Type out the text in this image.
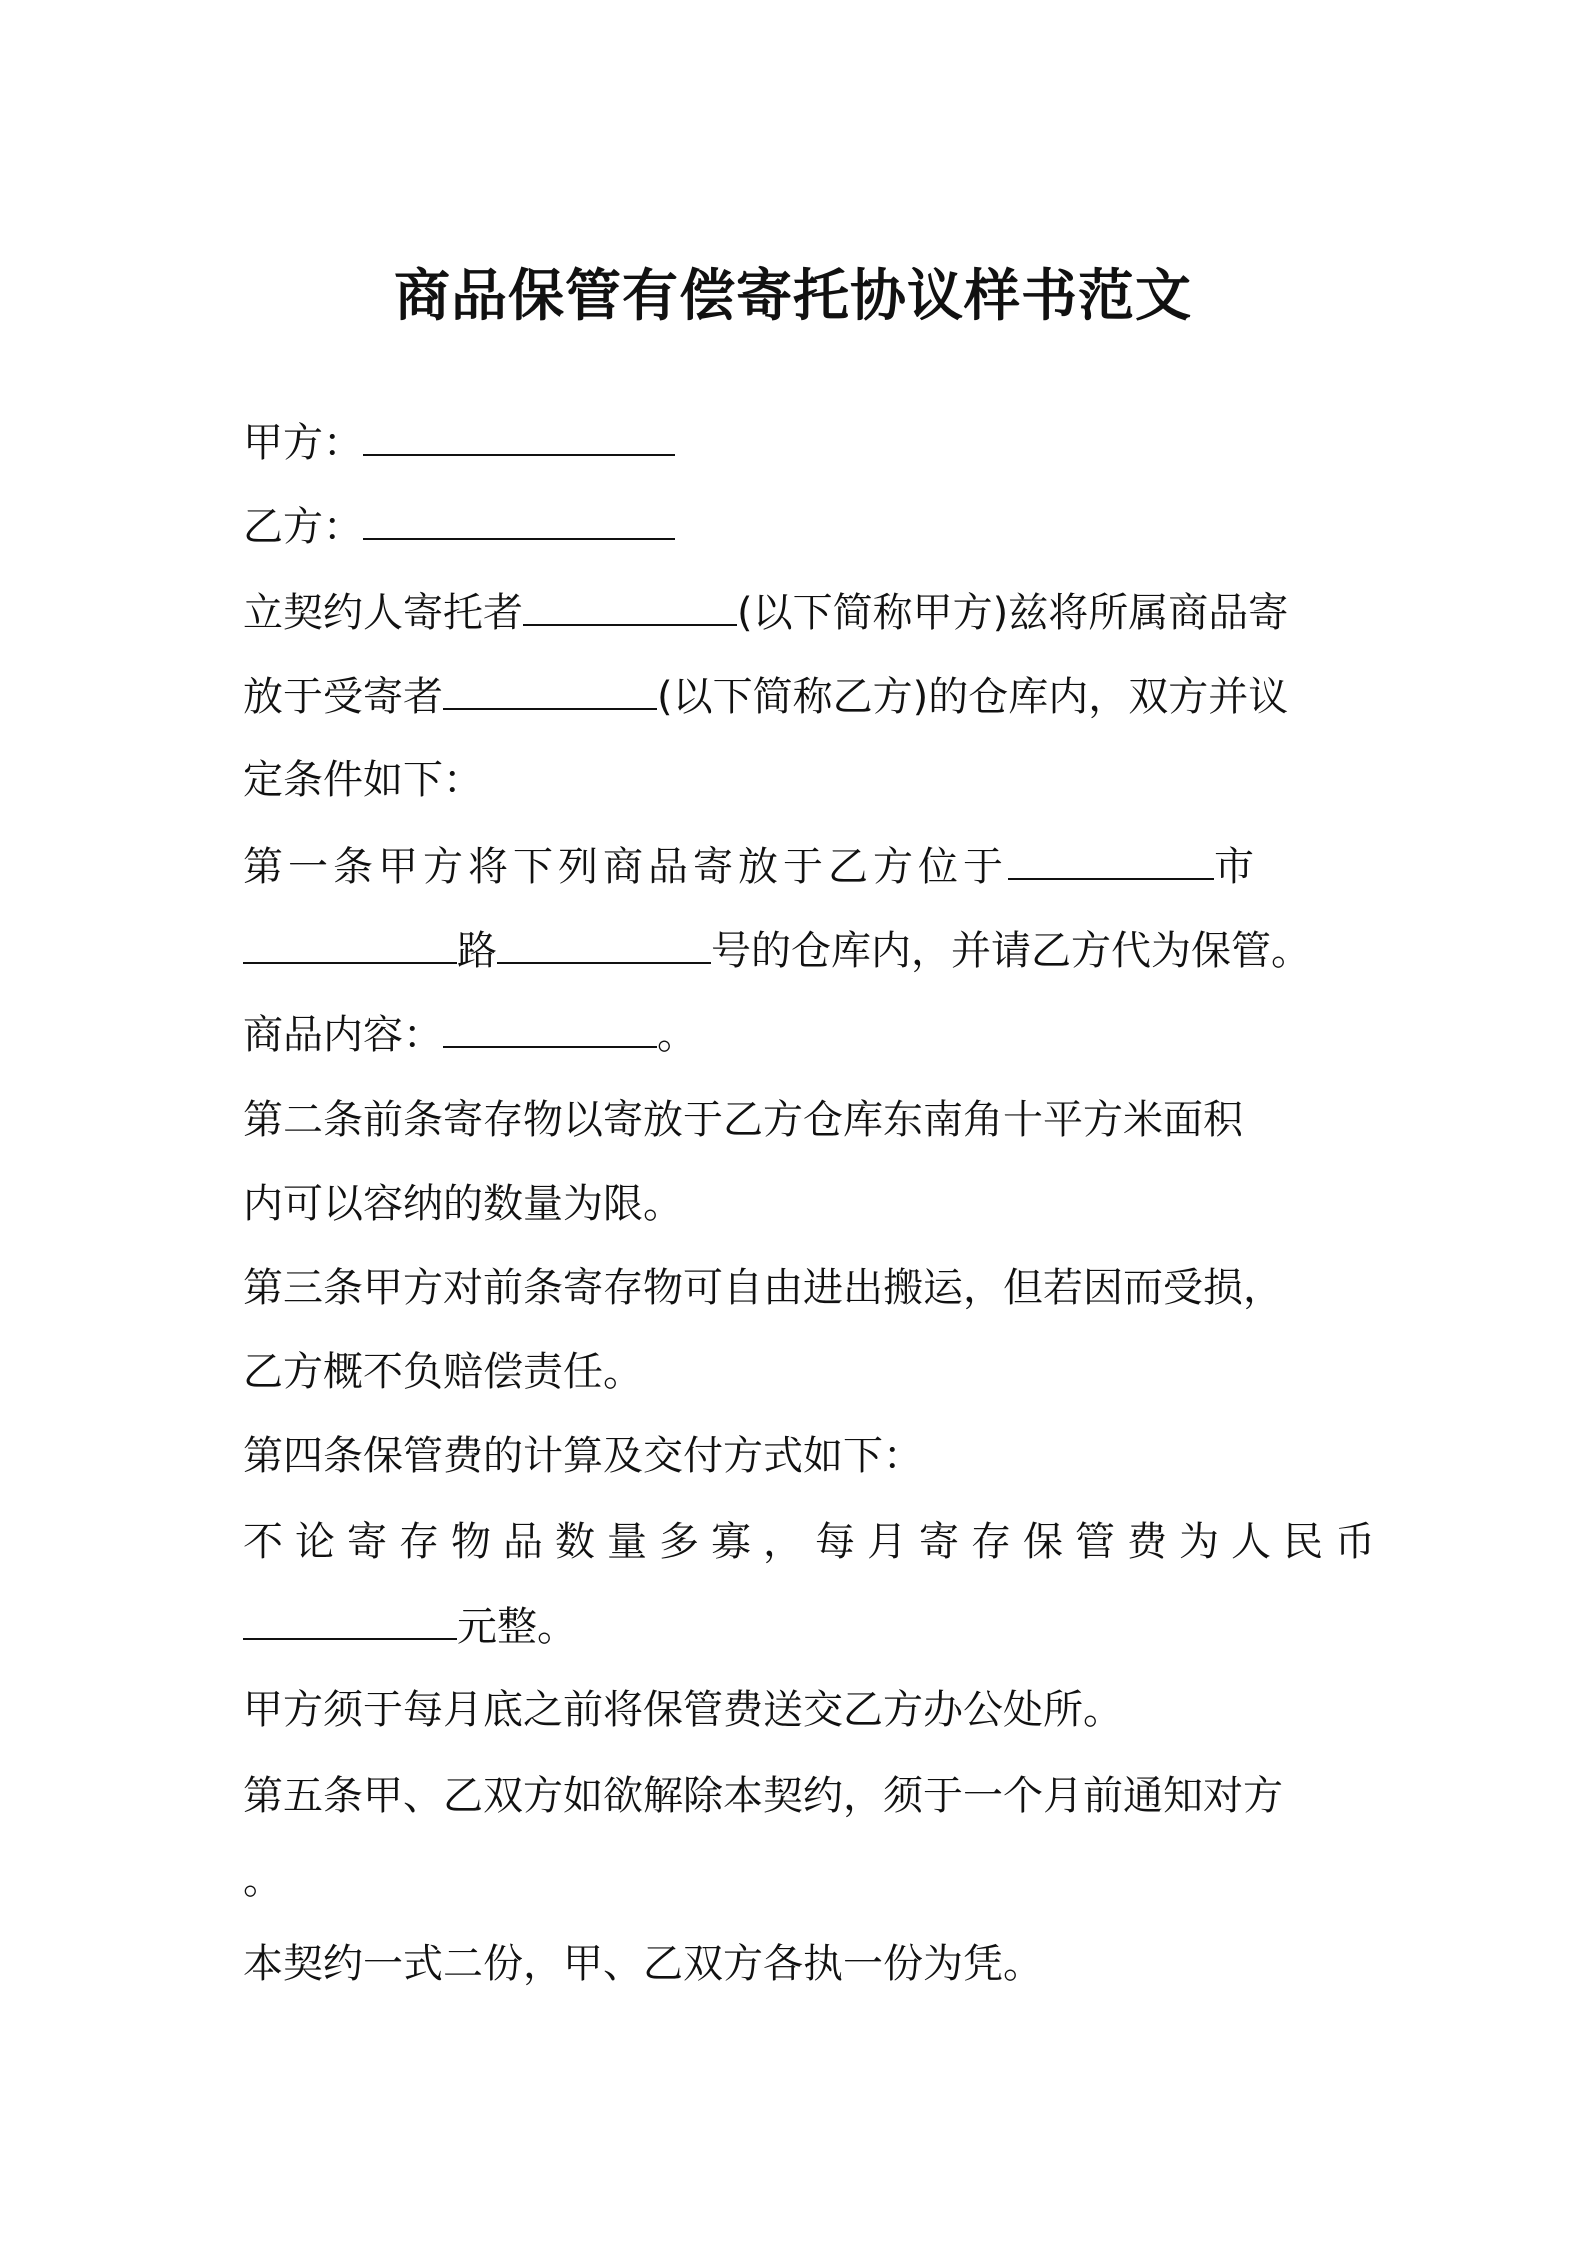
商品保管有偿寄托协议样书范文

甲方：

乙方：

立契约人寄托者	(以下简称甲方)兹将所属商品寄

放于受寄者	(以下简称乙方)的仓库内，双方并议

定条件如下：

第一条甲方将下列商品寄放于乙方位于	市

路	号的仓库内，并请乙方代为保管。

商品内容：	。

第二条前条寄存物以寄放于乙方仓库东南角十平方米面积

内可以容纳的数量为限。

第三条甲方对前条寄存物可自由进出搬运，但若因而受损，

乙方概不负赔偿责任。

第四条保管费的计算及交付方式如下：

不论寄存物品数量多寡，每月寄存保管费为人民币

元整。

甲方须于每月底之前将保管费送交乙方办公处所。

第五条甲、乙双方如欲解除本契约，须于一个月前通知对方

。

本契约一式二份，甲、乙双方各执一份为凭。
